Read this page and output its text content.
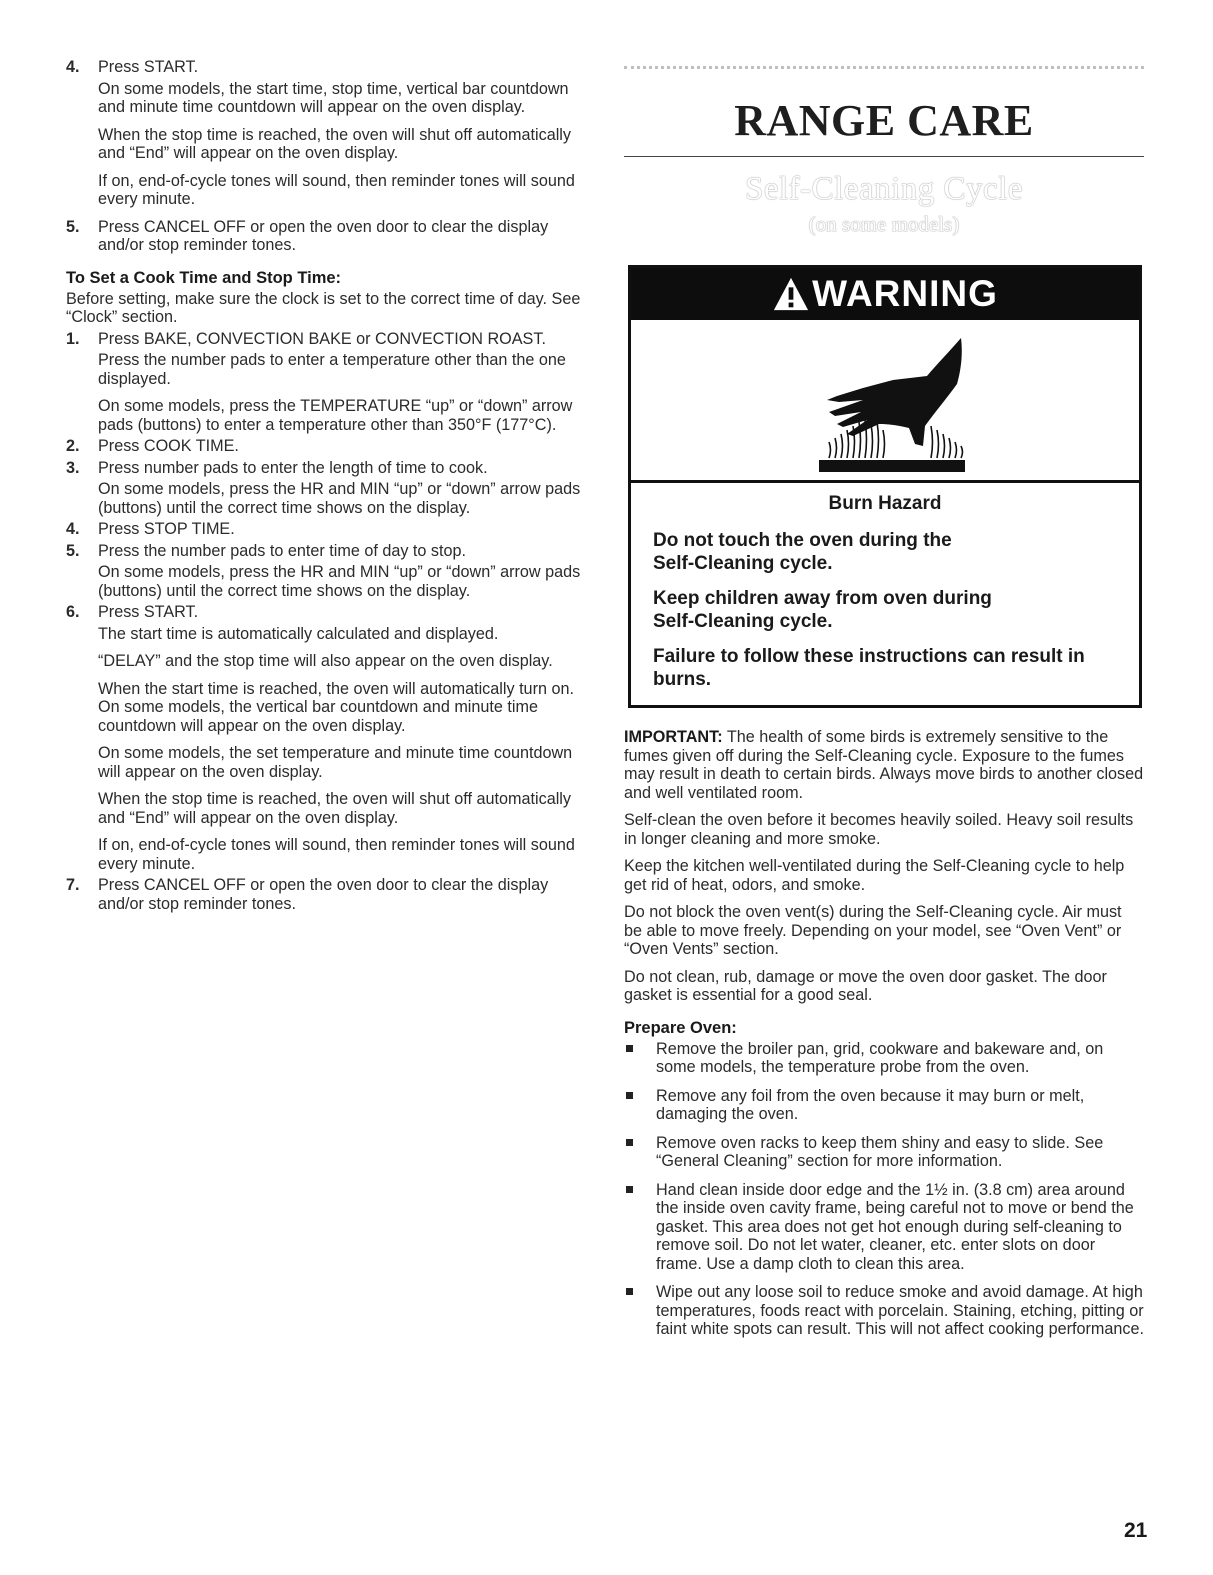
4. Press START.
On some models, the start time, stop time, vertical bar countdown and minute time countdown will appear on the oven display.
When the stop time is reached, the oven will shut off automatically and “End” will appear on the oven display.
If on, end-of-cycle tones will sound, then reminder tones will sound every minute.
5. Press CANCEL OFF or open the oven door to clear the display and/or stop reminder tones.
To Set a Cook Time and Stop Time:
Before setting, make sure the clock is set to the correct time of day. See “Clock” section.
1. Press BAKE, CONVECTION BAKE or CONVECTION ROAST.
Press the number pads to enter a temperature other than the one displayed.
On some models, press the TEMPERATURE “up” or “down” arrow pads (buttons) to enter a temperature other than 350°F (177°C).
2. Press COOK TIME.
3. Press number pads to enter the length of time to cook.
On some models, press the HR and MIN “up” or “down” arrow pads (buttons) until the correct time shows on the display.
4. Press STOP TIME.
5. Press the number pads to enter time of day to stop.
On some models, press the HR and MIN “up” or “down” arrow pads (buttons) until the correct time shows on the display.
6. Press START.
The start time is automatically calculated and displayed.
“DELAY” and the stop time will also appear on the oven display.
When the start time is reached, the oven will automatically turn on. On some models, the vertical bar countdown and minute time countdown will appear on the oven display.
On some models, the set temperature and minute time countdown will appear on the oven display.
When the stop time is reached, the oven will shut off automatically and “End” will appear on the oven display.
If on, end-of-cycle tones will sound, then reminder tones will sound every minute.
7. Press CANCEL OFF or open the oven door to clear the display and/or stop reminder tones.
RANGE CARE
Self-Cleaning Cycle
(on some models)
WARNING
Burn Hazard
Do not touch the oven during the Self-Cleaning cycle.
Keep children away from oven during Self-Cleaning cycle.
Failure to follow these instructions can result in burns.
IMPORTANT: The health of some birds is extremely sensitive to the fumes given off during the Self-Cleaning cycle. Exposure to the fumes may result in death to certain birds. Always move birds to another closed and well ventilated room.
Self-clean the oven before it becomes heavily soiled. Heavy soil results in longer cleaning and more smoke.
Keep the kitchen well-ventilated during the Self-Cleaning cycle to help get rid of heat, odors, and smoke.
Do not block the oven vent(s) during the Self-Cleaning cycle. Air must be able to move freely. Depending on your model, see “Oven Vent” or “Oven Vents” section.
Do not clean, rub, damage or move the oven door gasket. The door gasket is essential for a good seal.
Prepare Oven:
Remove the broiler pan, grid, cookware and bakeware and, on some models, the temperature probe from the oven.
Remove any foil from the oven because it may burn or melt, damaging the oven.
Remove oven racks to keep them shiny and easy to slide. See “General Cleaning” section for more information.
Hand clean inside door edge and the 1½ in. (3.8 cm) area around the inside oven cavity frame, being careful not to move or bend the gasket. This area does not get hot enough during self-cleaning to remove soil. Do not let water, cleaner, etc. enter slots on door frame. Use a damp cloth to clean this area.
Wipe out any loose soil to reduce smoke and avoid damage. At high temperatures, foods react with porcelain. Staining, etching, pitting or faint white spots can result. This will not affect cooking performance.
21
